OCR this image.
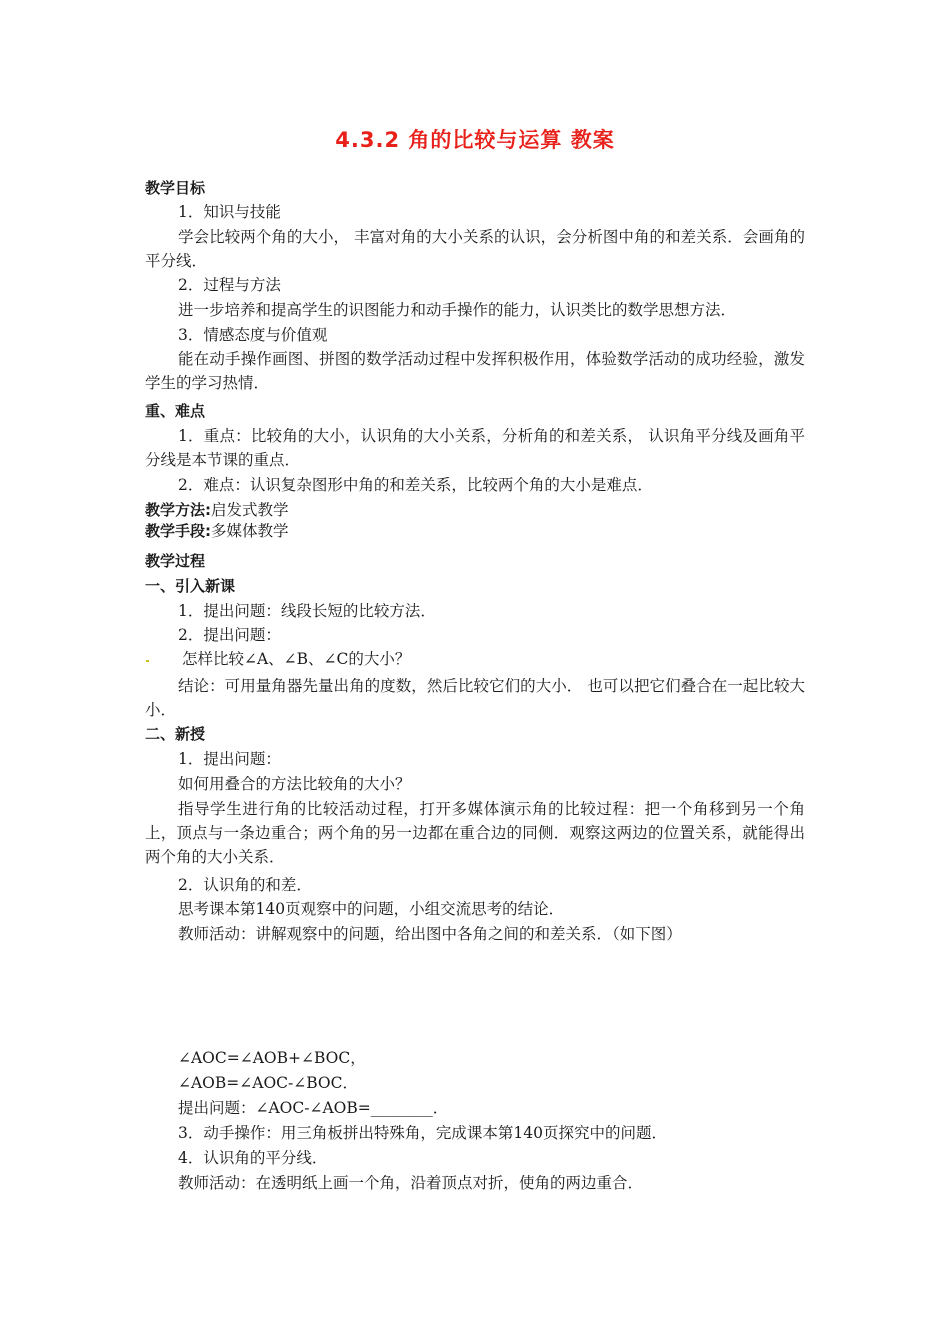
4.3.2 角的比较与运算 教案
教学目标
1．知识与技能
学会比较两个角的大小， 丰富对角的大小关系的认识，会分析图中角的和差关系．会画角的平分线．
2．过程与方法
进一步培养和提高学生的识图能力和动手操作的能力，认识类比的数学思想方法．
3．情感态度与价值观
能在动手操作画图、拼图的数学活动过程中发挥积极作用，体验数学活动的成功经验，激发学生的学习热情．
重、难点
1．重点：比较角的大小，认识角的大小关系，分析角的和差关系， 认识角平分线及画角平分线是本节课的重点．
2．难点：认识复杂图形中角的和差关系，比较两个角的大小是难点．
教学方法:启发式教学
教学手段:多媒体教学
教学过程
一、引入新课
1．提出问题：线段长短的比较方法．
2．提出问题：
怎样比较∠A、∠B、∠C的大小？
结论：可用量角器先量出角的度数，然后比较它们的大小． 也可以把它们叠合在一起比较大小．
二、新授
1．提出问题：
如何用叠合的方法比较角的大小？
指导学生进行角的比较活动过程，打开多媒体演示角的比较过程：把一个角移到另一个角上，顶点与一条边重合；两个角的另一边都在重合边的同侧．观察这两边的位置关系，就能得出两个角的大小关系．
2．认识角的和差．
思考课本第140页观察中的问题，小组交流思考的结论．
教师活动：讲解观察中的问题，给出图中各角之间的和差关系．（如下图）
∠AOC=∠AOB+∠BOC，
∠AOB=∠AOC-∠BOC．
提出问题：∠AOC-∠AOB=________．
3．动手操作：用三角板拼出特殊角，完成课本第140页探究中的问题．
4．认识角的平分线．
教师活动：在透明纸上画一个角，沿着顶点对折，使角的两边重合．
